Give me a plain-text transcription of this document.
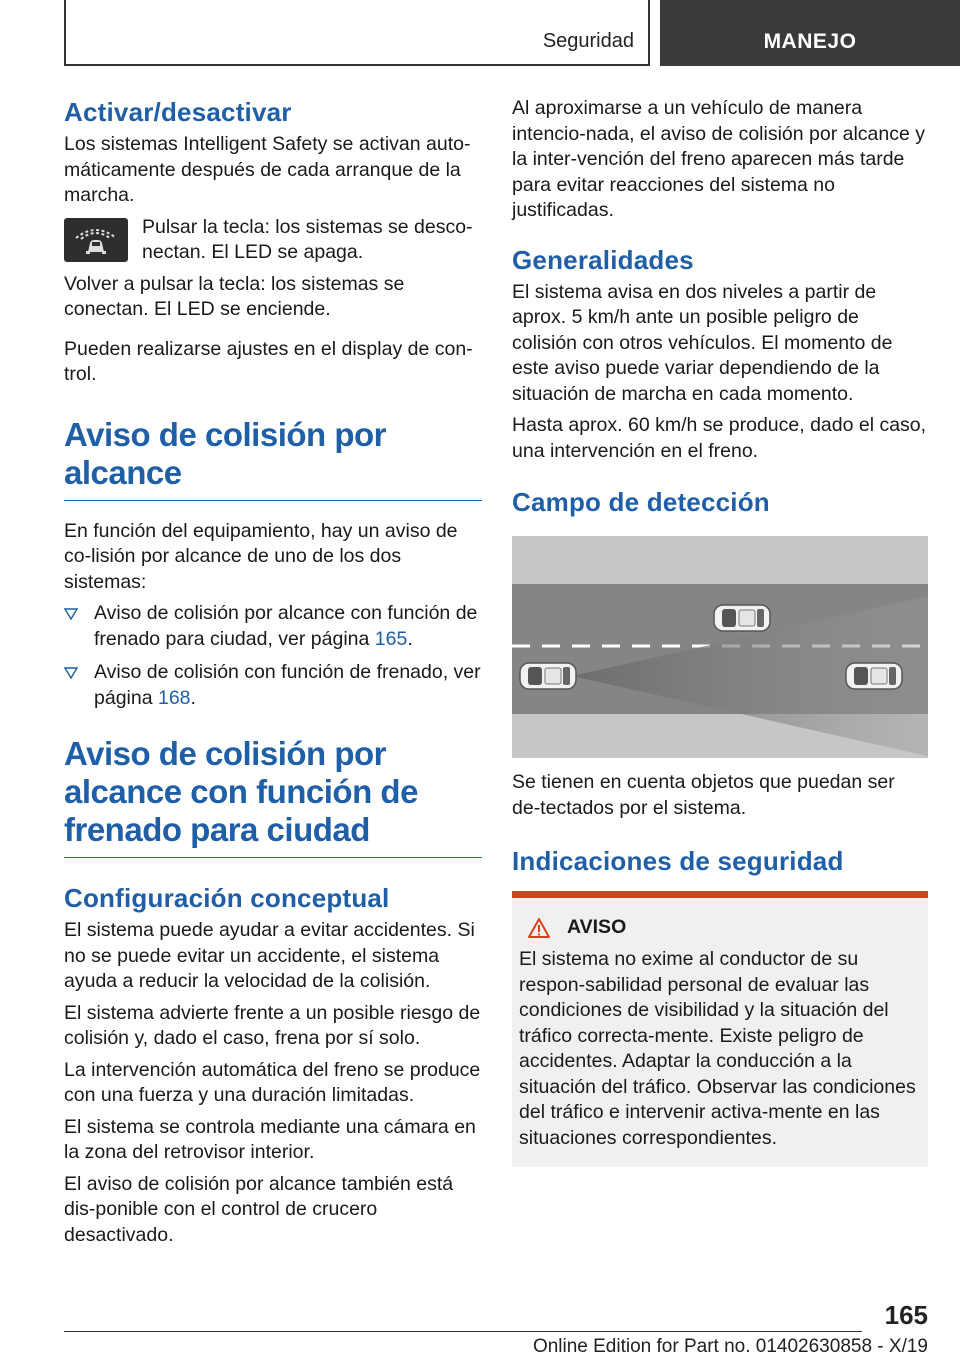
Seguridad	MANEJO
Activar/desactivar

Los sistemas Intelligent Safety se activan auto-máticamente después de cada arranque de la marcha.

Pulsar la tecla: los sistemas se desco-nectan. El LED se apaga.

Volver a pulsar la tecla: los sistemas se conectan. El LED se enciende.

Pueden realizarse ajustes en el display de con-trol.

Aviso de colisión por alcance

En función del equipamiento, hay un aviso de co-lisión por alcance de uno de los dos sistemas:

Aviso de colisión por alcance con función de frenado para ciudad, ver página 165.
Aviso de colisión con función de frenado, ver página 168.
Aviso de colisión por alcance con función de frenado para ciudad
Configuración conceptual

El sistema puede ayudar a evitar accidentes. Si no se puede evitar un accidente, el sistema ayuda a reducir la velocidad de la colisión.

El sistema advierte frente a un posible riesgo de colisión y, dado el caso, frena por sí solo.

La intervención automática del freno se produce con una fuerza y una duración limitadas.

El sistema se controla mediante una cámara en la zona del retrovisor interior.

El aviso de colisión por alcance también está dis-ponible con el control de crucero desactivado.

Al aproximarse a un vehículo de manera intencio-nada, el aviso de colisión por alcance y la inter-vención del freno aparecen más tarde para evitar reacciones del sistema no justificadas.

Generalidades

El sistema avisa en dos niveles a partir de aprox. 5 km/h ante un posible peligro de colisión con otros vehículos. El momento de este aviso puede variar dependiendo de la situación de marcha en cada momento.

Hasta aprox. 60 km/h se produce, dado el caso, una intervención en el freno.

Campo de detección

Se tienen en cuenta objetos que puedan ser de-tectados por el sistema.

Indicaciones de seguridad
AVISO

El sistema no exime al conductor de su respon-sabilidad personal de evaluar las condiciones de visibilidad y la situación del tráfico correcta-mente. Existe peligro de accidentes. Adaptar la conducción a la situación del tráfico. Observar las condiciones del tráfico e intervenir activa-mente en las situaciones correspondientes.

165
Online Edition for Part no. 01402630858 - X/19
